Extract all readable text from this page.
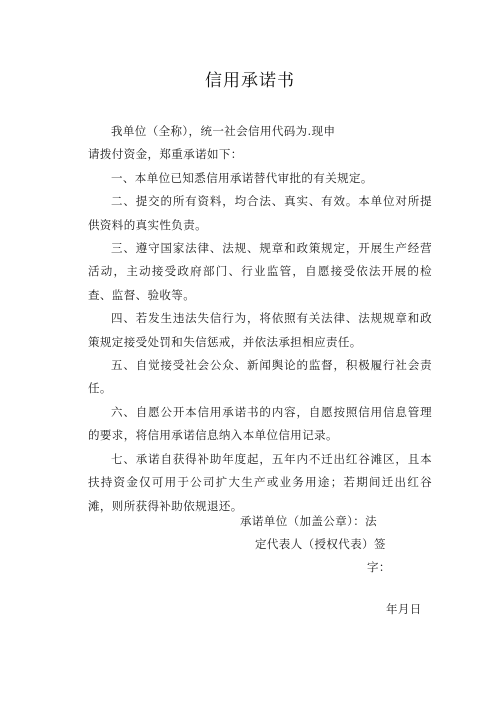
信用承诺书

我单位（全称），统一社会信用代码为.现申

请拨付资金，郑重承诺如下：

一、本单位已知悉信用承诺替代审批的有关规定。

二、提交的所有资料，均合法、真实、有效。本单位对所提供资料的真实性负责。

三、遵守国家法律、法规、规章和政策规定，开展生产经营活动，主动接受政府部门、行业监管，自愿接受依法开展的检查、监督、验收等。

四、若发生违法失信行为，将依照有关法律、法规规章和政策规定接受处罚和失信惩戒，并依法承担相应责任。

五、自觉接受社会公众、新闻舆论的监督，积极履行社会责任。

六、自愿公开本信用承诺书的内容，自愿按照信用信息管理的要求，将信用承诺信息纳入本单位信用记录。

七、承诺自获得补助年度起，五年内不迁出红谷滩区，且本扶持资金仅可用于公司扩大生产或业务用途；若期间迁出红谷滩，则所获得补助依规退还。

承诺单位（加盖公章）：法
定代表人（授权代表）签
字：
年月日
